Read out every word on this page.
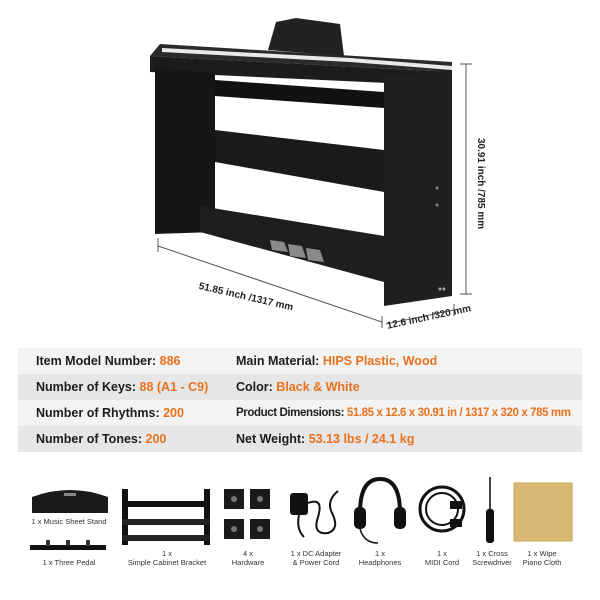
51.85 inch /1317 mm
12.6 inch /320 mm
30.91 inch /785 mm
Item Model Number: 886	Main Material: HIPS Plastic, Wood
Number of Keys: 88 (A1 - C9) Color: Black & White
Number of Rhythms: 200	Product Dimensions: 51.85 x 12.6 x 30.91 in / 1317 x 320 x 785 mm
Number of Tones: 200	Net Weight: 53.13 lbs / 24.1 kg
1 x Music Sheet Stand
1 x Three Pedal
1 x
Simple Cabinet Bracket
4 x
Hardware
1 x DC Adapter
& Power Cord
1 x
Headphones
1 x
MIDI Cord
1 x Cross
Screwdriver
1 x Wipe
Piano Cloth
